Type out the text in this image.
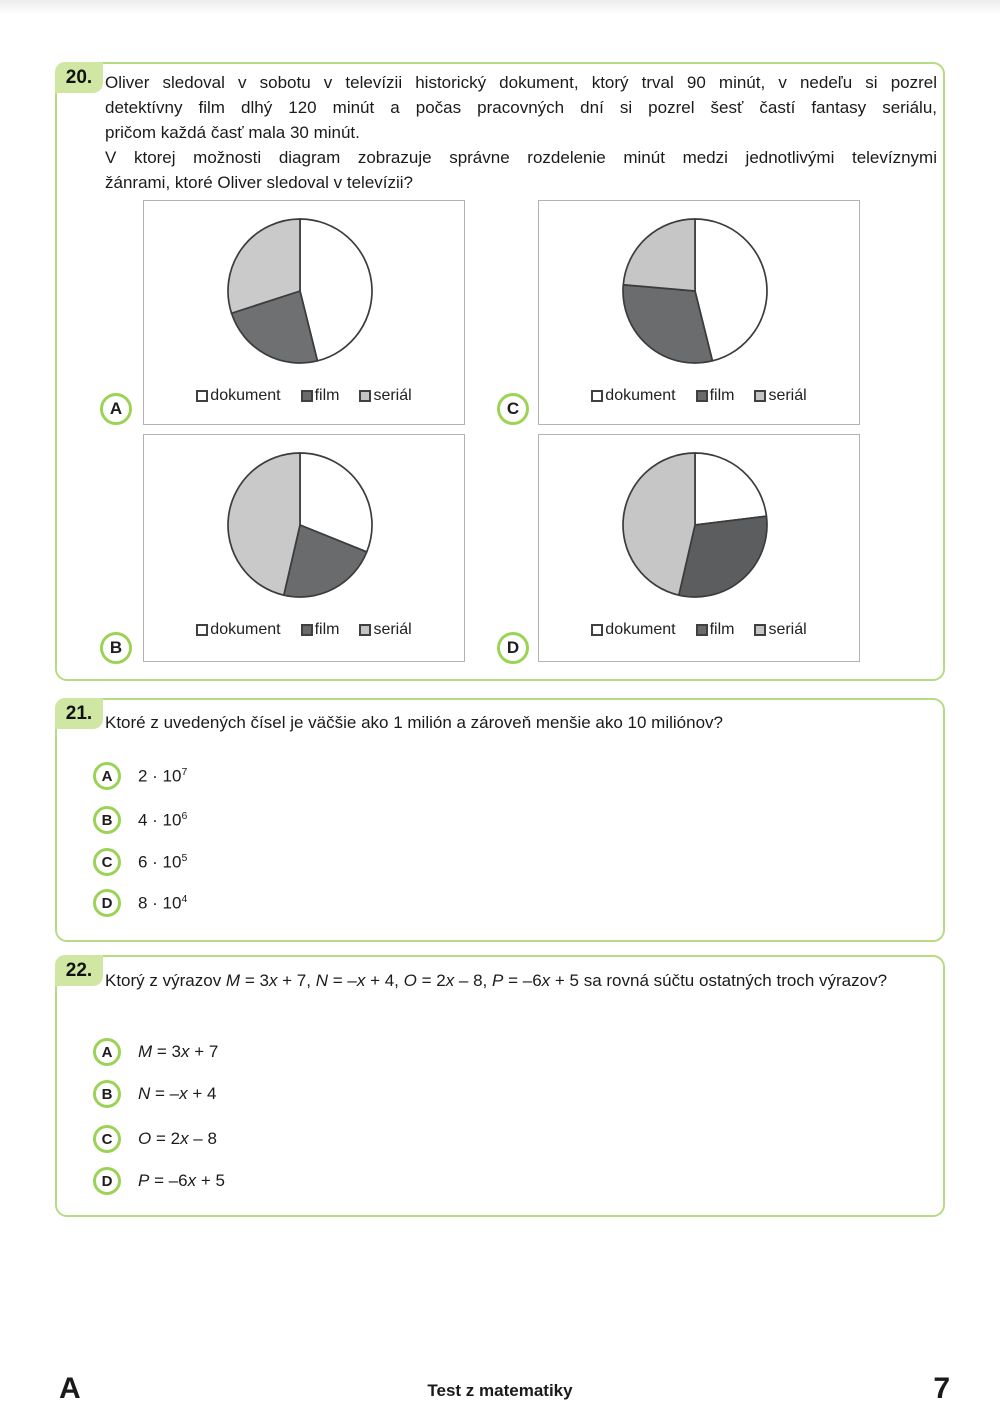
20. Oliver sledoval v sobotu v televízii historický dokument, ktorý trval 90 minút, v nedeľu si pozrel
detektívny film dlhý 120 minút a počas pracovných dní si pozrel šesť častí fantasy seriálu,
pričom každá časť mala 30 minút.
V ktorej možnosti diagram zobrazuje správne rozdelenie minút medzi jednotlivými televíznymi
žánrami, ktoré Oliver sledoval v televízii?
dokument film seriál	dokument film seriál
dokument film seriál	dokument film seriál
A	C
B	D
21. Ktoré z uvedených čísel je väčšie ako 1 milión a zároveň menšie ako 10 miliónov?
A	$2 \cdot 10^7$
B	$4 \cdot 10^6$
C	$6 \cdot 10^5$
D	$8 \cdot 10^4$
22. Ktorý z výrazov M = 3x + 7, N = –x + 4, O = 2x – 8, P = –6x + 5 sa rovná súčtu ostatných troch výrazov?
A	M = 3x + 7
B	N = –x + 4
C	O = 2x – 8
D	P = –6x + 5
A	Test z matematiky	7
